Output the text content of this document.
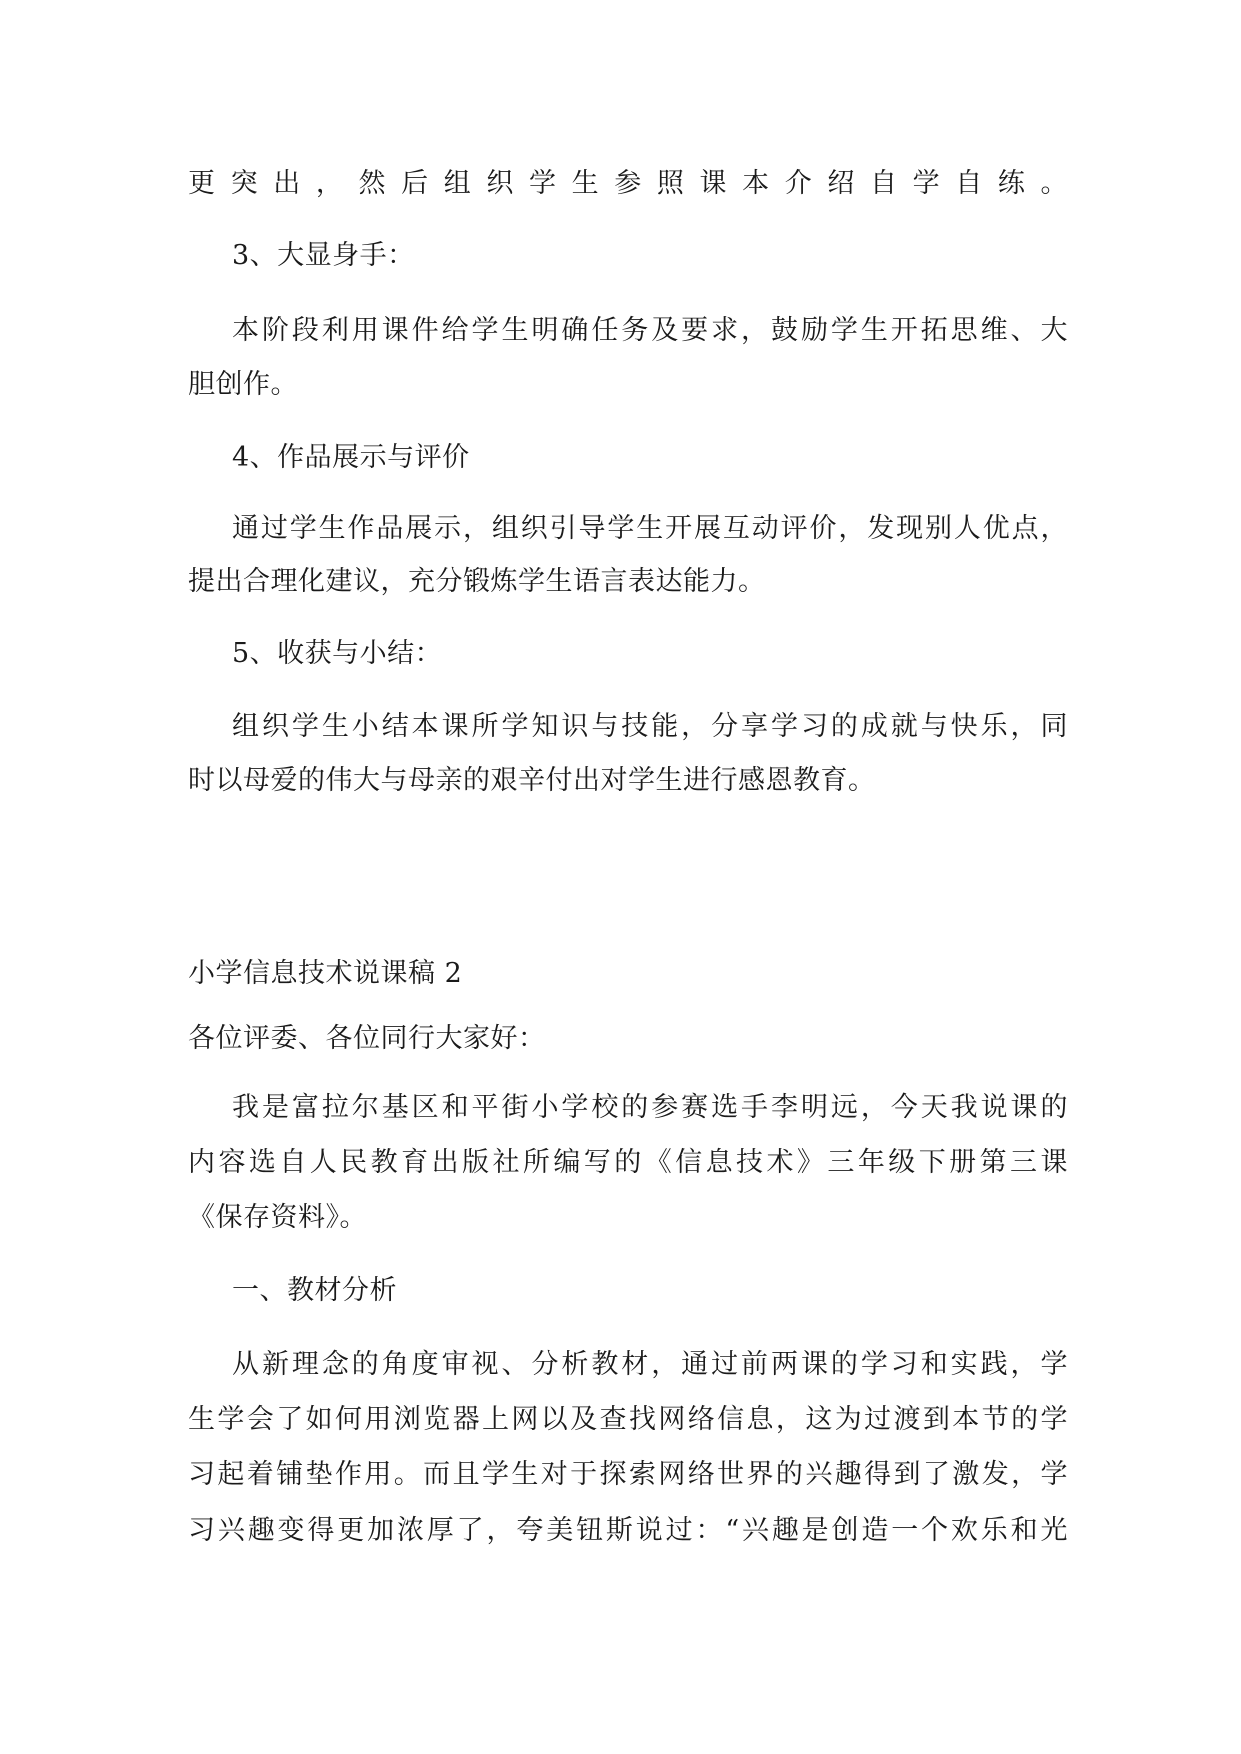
更突出，然后组织学生参照课本介绍自学自练。
3、大显身手：
本阶段利用课件给学生明确任务及要求，鼓励学生开拓思维、大
胆创作。
4、作品展示与评价
通过学生作品展示，组织引导学生开展互动评价，发现别人优点，
提出合理化建议，充分锻炼学生语言表达能力。
5、收获与小结：
组织学生小结本课所学知识与技能，分享学习的成就与快乐，同
时以母爱的伟大与母亲的艰辛付出对学生进行感恩教育。
小学信息技术说课稿 2
各位评委、各位同行大家好：
我是富拉尔基区和平街小学校的参赛选手李明远，今天我说课的
内容选自人民教育出版社所编写的《信息技术》三年级下册第三课
《保存资料》。
一、教材分析
从新理念的角度审视、分析教材，通过前两课的学习和实践，学
生学会了如何用浏览器上网以及查找网络信息，这为过渡到本节的学
习起着铺垫作用。而且学生对于探索网络世界的兴趣得到了激发，学
习兴趣变得更加浓厚了，夸美钮斯说过：“兴趣是创造一个欢乐和光
